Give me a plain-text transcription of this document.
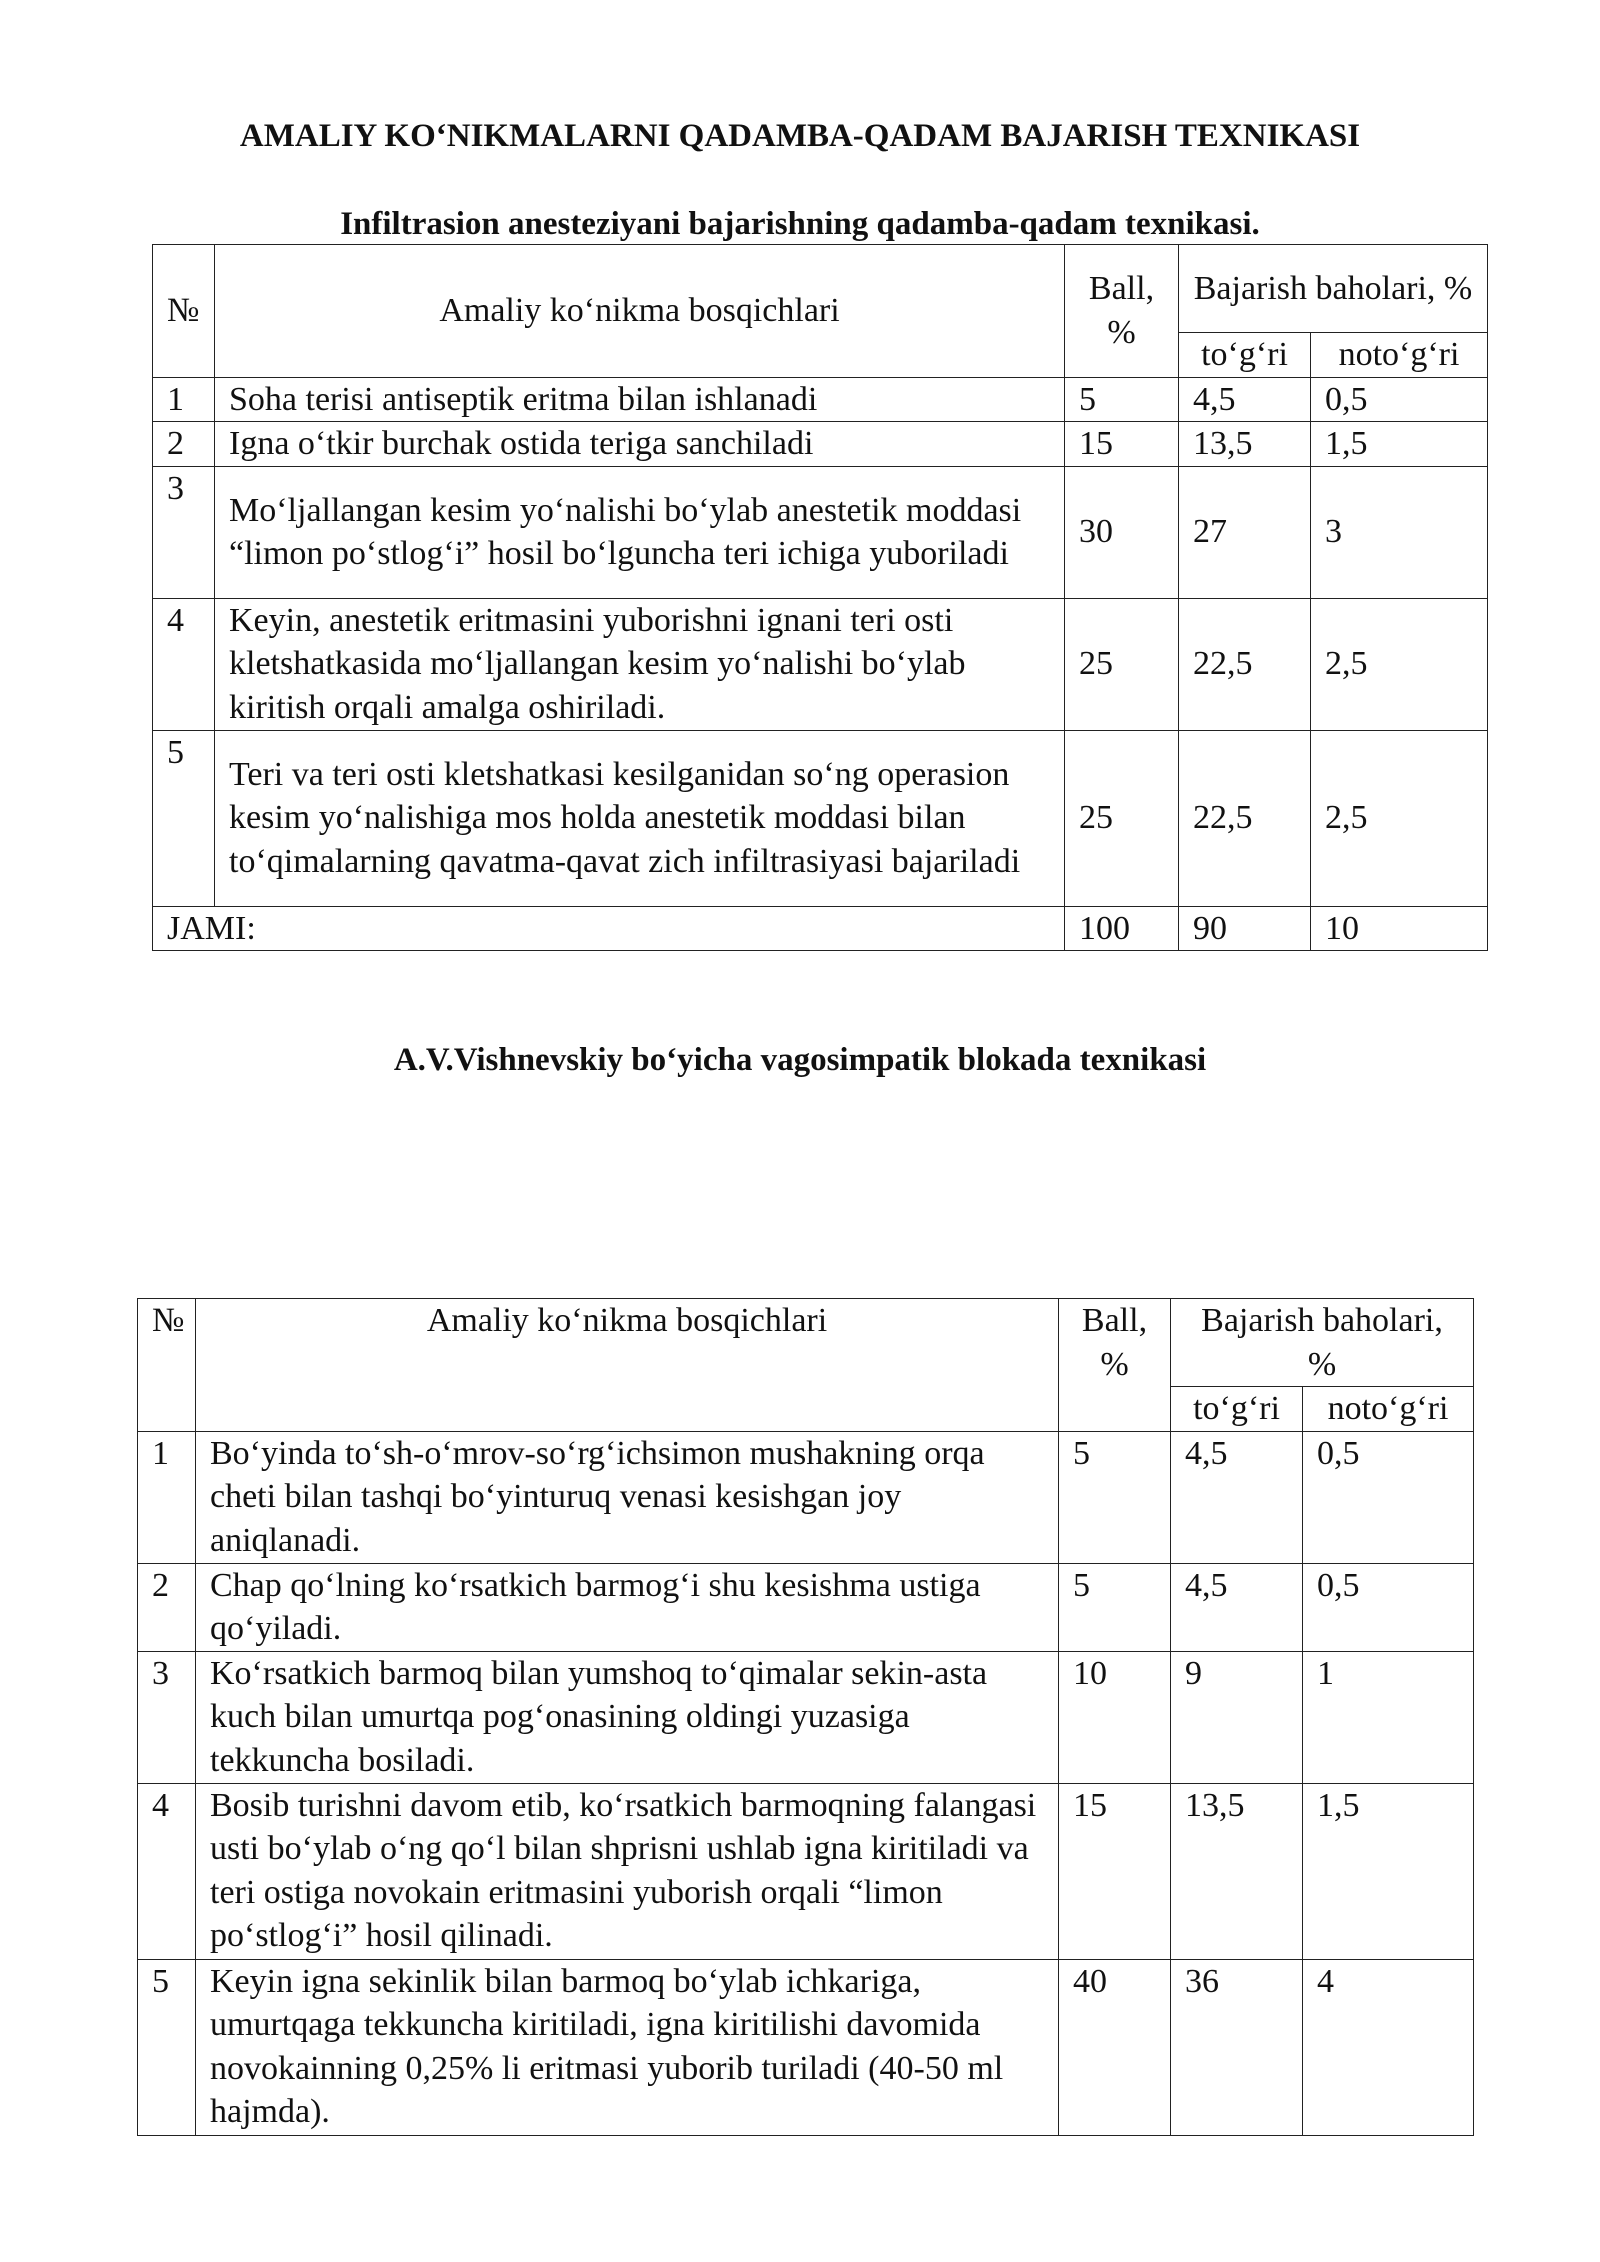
AMALIY KO‘NIKMALARNI QADAMBA-QADAM BAJARISH TEXNIKASI
Infiltrasion anesteziyani bajarishning qadamba-qadam texnikasi.
№	Amaliy ko‘nikma bosqichlari	Ball, %	Bajarish baholari, %	
			to‘g‘ri	noto‘g‘ri
1	Soha terisi antiseptik eritma bilan ishlanadi	5	4,5	0,5
2	Igna o‘tkir burchak ostida teriga sanchiladi	15	13,5	1,5
3	Mo‘ljallangan kesim yo‘nalishi bo‘ylab anestetik moddasi “limon po‘stlog‘i” hosil bo‘lguncha teri ichiga yuboriladi	30	27	3
4	Keyin, anestetik eritmasini yuborishni ignani teri osti kletshatkasida mo‘ljallangan kesim yo‘nalishi bo‘ylab kiritish orqali amalga oshiriladi.	25	22,5	2,5
5	Teri va teri osti kletshatkasi kesilganidan so‘ng operasion kesim yo‘nalishiga mos holda anestetik moddasi bilan to‘qimalarning qavatma-qavat zich infiltrasiyasi bajariladi	25	22,5	2,5
JAMI:		100	90	10
A.V.Vishnevskiy bo‘yicha vagosimpatik blokada texnikasi
№	Amaliy ko‘nikma bosqichlari	Ball, %	Bajarish baholari, %	
			to‘g‘ri	noto‘g‘ri
1	Bo‘yinda to‘sh-o‘mrov-so‘rg‘ichsimon mushakning orqa cheti bilan tashqi bo‘yinturuq venasi kesishgan joy aniqlanadi.	5	4,5	0,5
2	Chap qo‘lning ko‘rsatkich barmog‘i shu kesishma ustiga qo‘yiladi.	5	4,5	0,5
3	Ko‘rsatkich barmoq bilan yumshoq to‘qimalar sekin-asta kuch bilan umurtqa pog‘onasining oldingi yuzasiga tekkuncha bosiladi.	10	9	1
4	Bosib turishni davom etib, ko‘rsatkich barmoqning falangasi usti bo‘ylab o‘ng qo‘l bilan shprisni ushlab igna kiritiladi va teri ostiga novokain eritmasini yuborish orqali “limon po‘stlog‘i” hosil qilinadi.	15	13,5	1,5
5	Keyin igna sekinlik bilan barmoq bo‘ylab ichkariga, umurtqaga tekkuncha kiritiladi, igna kiritilishi davomida novokainning 0,25% li eritmasi yuborib turiladi (40-50 ml hajmda).	40	36	4
